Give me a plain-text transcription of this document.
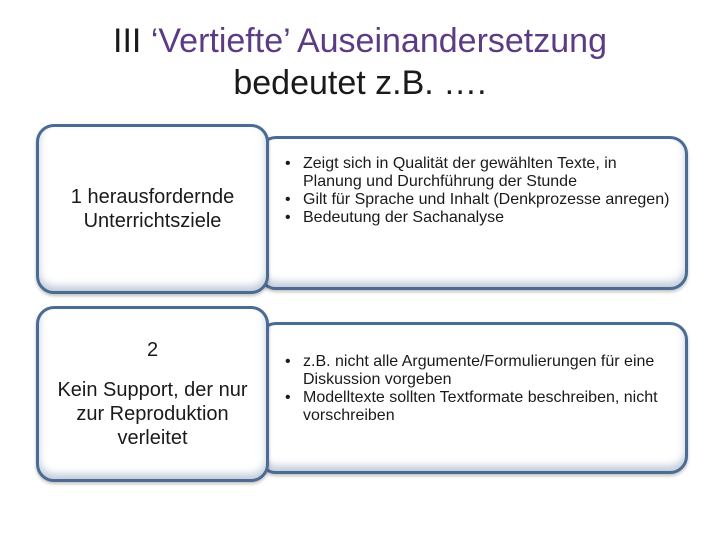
III ‘Vertiefte’ Auseinandersetzung
bedeutet z.B. ….
• Zeigt sich in Qualität der gewählten Texte, in Planung und Durchführung der Stunde
• Gilt für Sprache und Inhalt (Denkprozesse anregen)
• Bedeutung der Sachanalyse
1 herausfordernde
Unterrichtsziele
• z.B. nicht alle Argumente/Formulierungen für eine Diskussion vorgeben
• Modelltexte sollten Textformate beschreiben, nicht vorschreiben
2
Kein Support, der nur zur Reproduktion verleitet
